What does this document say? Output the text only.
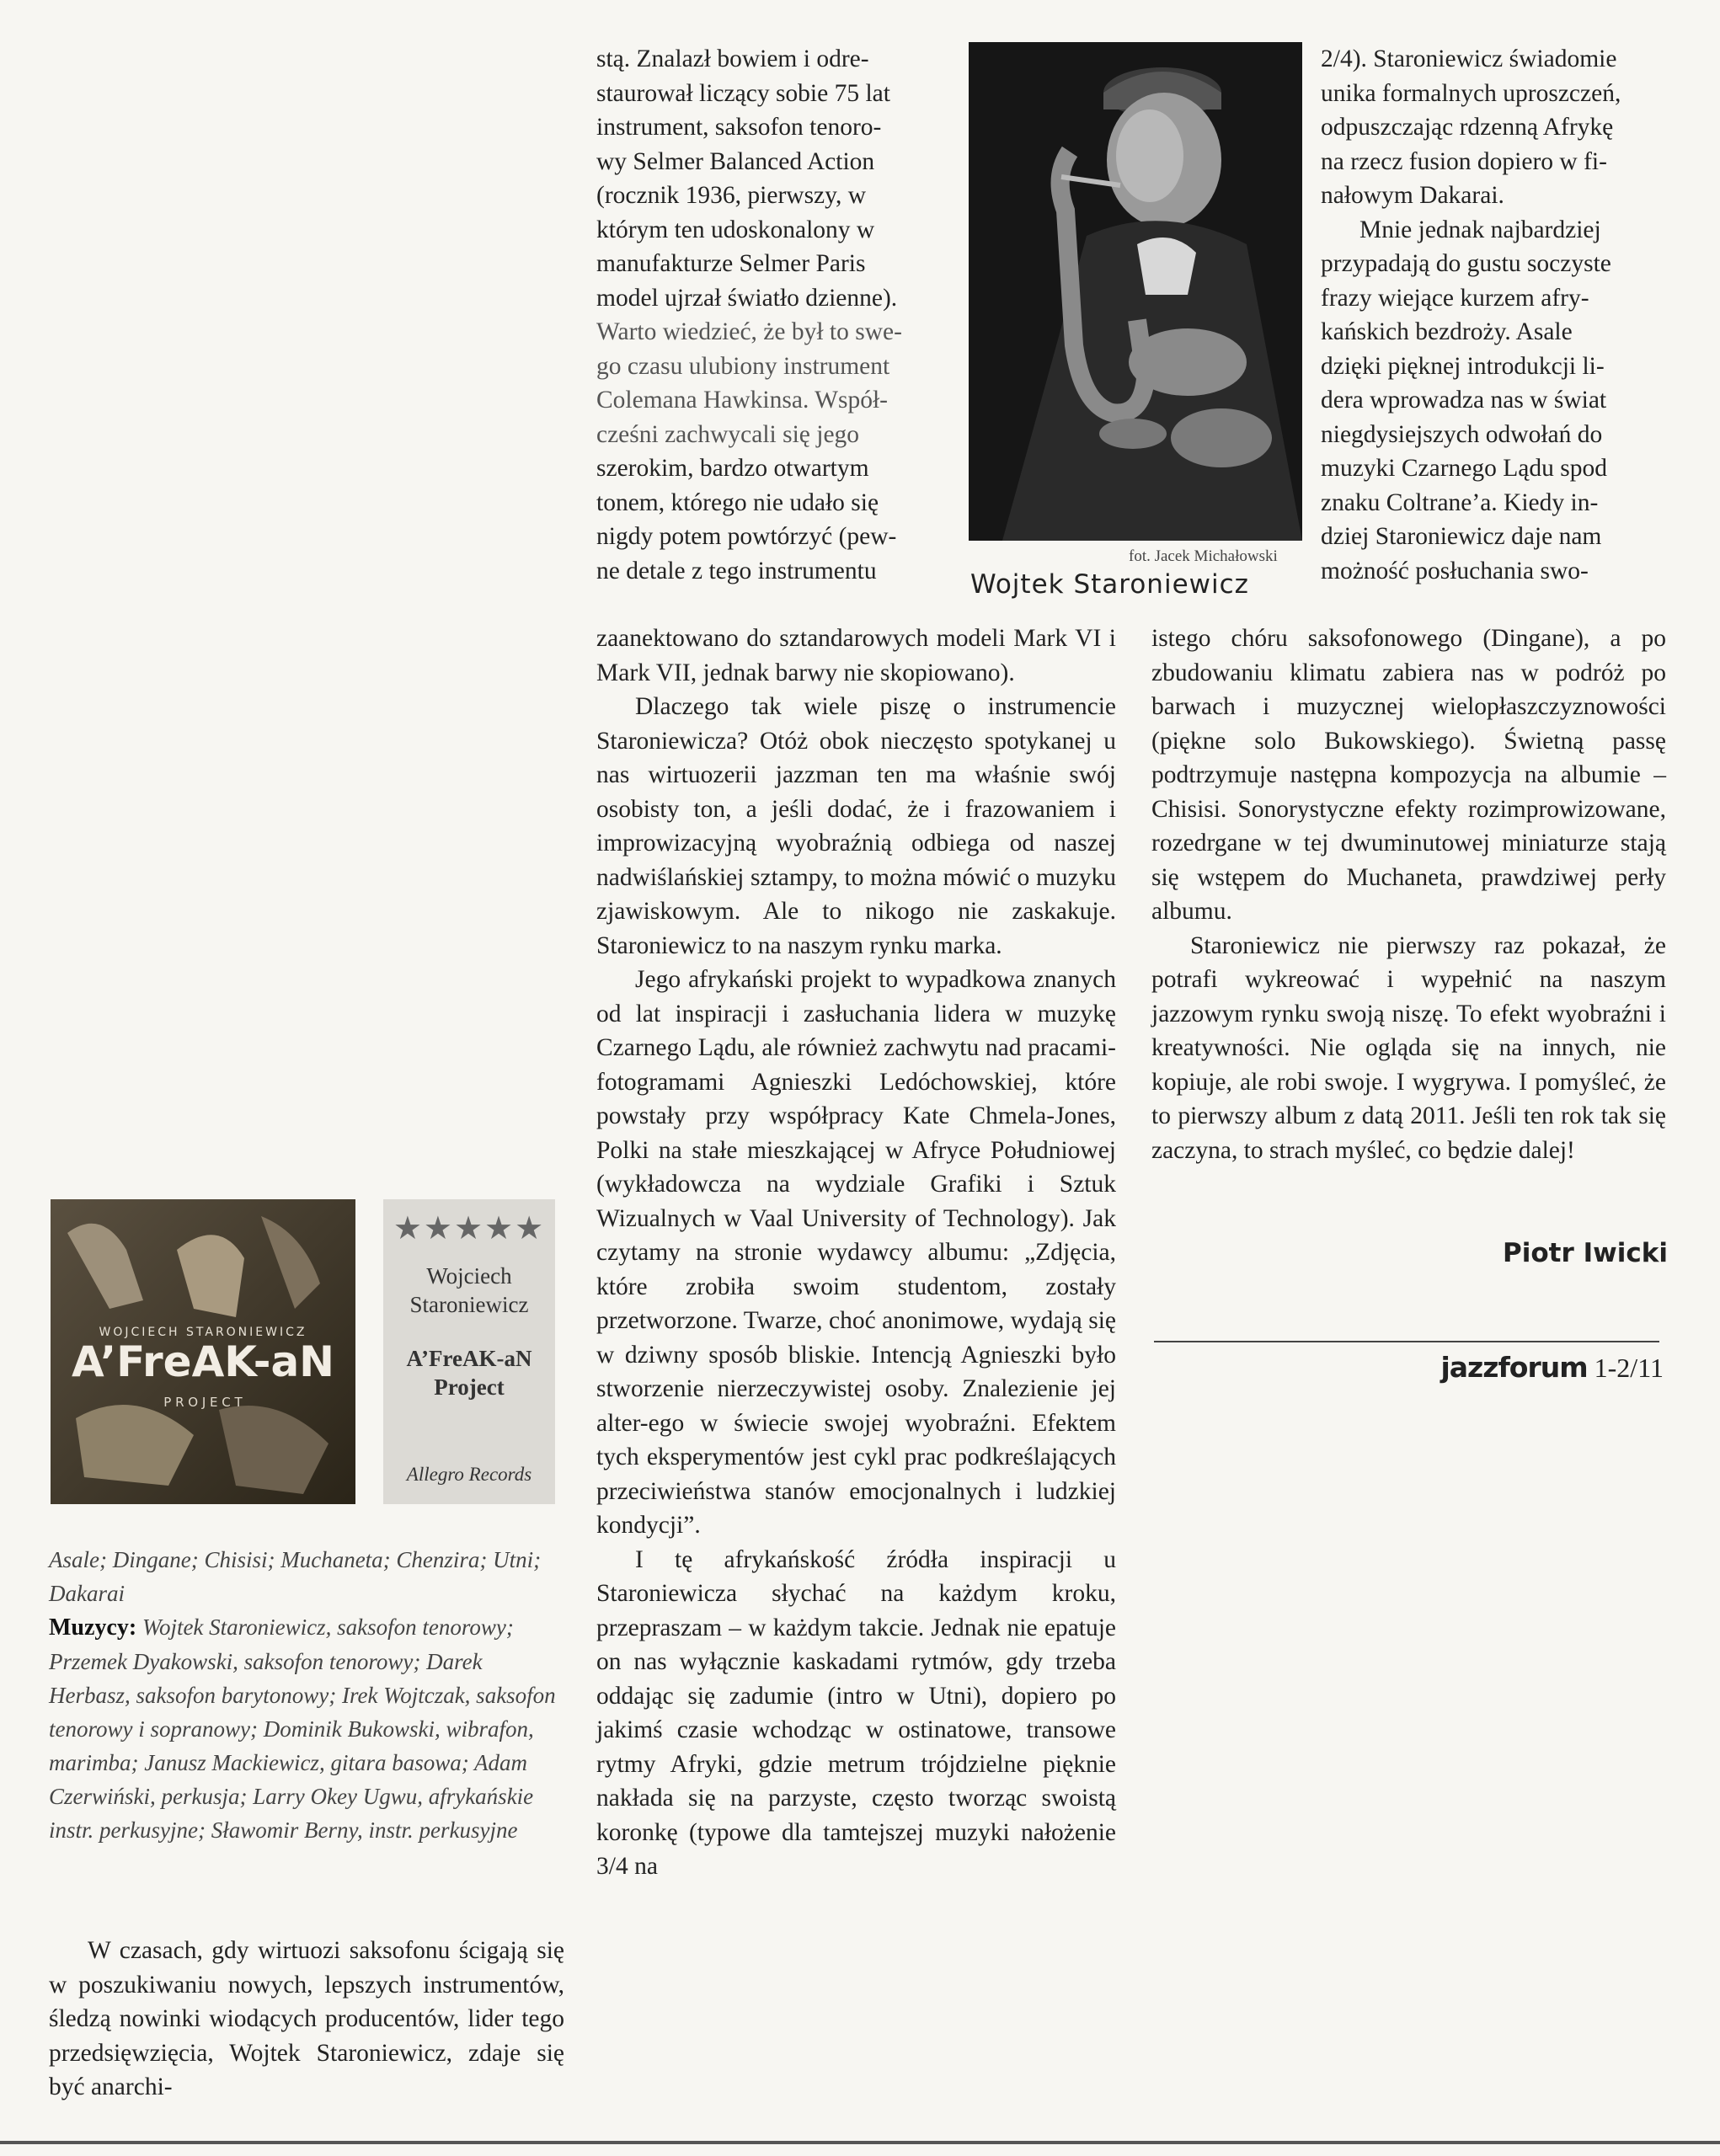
stą. Znalazł bowiem i odre-

staurował liczący sobie 75 lat

instrument, saksofon tenoro-

wy Selmer Balanced Action

(rocznik 1936, pierwszy, w

którym ten udoskonalony w

manufakturze Selmer Paris

model ujrzał światło dzienne).

Warto wiedzieć, że był to swe-

go czasu ulubiony instrument

Colemana Hawkinsa. Współ-

cześni zachwycali się jego

szerokim, bardzo otwartym

tonem, którego nie udało się

nigdy potem powtórzyć (pew-

ne detale z tego instrumentu

fot. Jacek Michałowski
Wojtek Staroniewicz

zaanektowano do sztandarowych modeli Mark VI i Mark VII, jednak barwy nie skopiowano).

Dlaczego tak wiele piszę o instrumencie Staroniewicza? Otóż obok nieczęsto spotykanej u nas wirtuozerii jazzman ten ma właśnie swój osobisty ton, a jeśli dodać, że i frazowaniem i improwizacyjną wyobraźnią odbiega od naszej nadwiślańskiej sztampy, to można mówić o muzyku zjawiskowym. Ale to nikogo nie zaskakuje. Staroniewicz to na naszym rynku marka.

Jego afrykański projekt to wypadkowa znanych od lat inspiracji i zasłuchania lidera w muzykę Czarnego Lądu, ale również zachwytu nad pracami-fotogramami Agnieszki Ledóchowskiej, które powstały przy współpracy Kate Chmela-Jones, Polki na stałe mieszkającej w Afryce Południowej (wykładowcza na wydziale Grafiki i Sztuk Wizualnych w Vaal University of Technology). Jak czytamy na stronie wydawcy albumu: „Zdjęcia, które zrobiła swoim studentom, zostały przetworzone. Twarze, choć anonimowe, wydają się w dziwny sposób bliskie. Intencją Agnieszki było stworzenie nierzeczywistej osoby. Znalezienie jej alter-ego w świecie swojej wyobraźni. Efektem tych eksperymentów jest cykl prac podkreślających przeciwieństwa stanów emocjonalnych i ludzkiej kondycji”.

I tę afrykańskość źródła inspiracji u Staroniewicza słychać na każdym kroku, przepraszam – w każdym takcie. Jednak nie epatuje on nas wyłącznie kaskadami rytmów, gdy trzeba oddając się zadumie (intro w Utni), dopiero po jakimś czasie wchodząc w ostinatowe, transowe rytmy Afryki, gdzie metrum trójdzielne pięknie nakłada się na parzyste, często tworząc swoistą koronkę (typowe dla tamtejszej muzyki nałożenie 3/4 na

2/4). Staroniewicz świadomie

unika formalnych uproszczeń,

odpuszczając rdzenną Afrykę

na rzecz fusion dopiero w fi-

nałowym Dakarai.

Mnie jednak najbardziej

przypadają do gustu soczyste

frazy wiejące kurzem afry-

kańskich bezdroży. Asale

dzięki pięknej introdukcji li-

dera wprowadza nas w świat

niegdysiejszych odwołań do

muzyki Czarnego Lądu spod

znaku Coltrane’a. Kiedy in-

dziej Staroniewicz daje nam

możność posłuchania swo-

istego chóru saksofonowego (Dingane), a po zbudowaniu klimatu zabiera nas w podróż po barwach i muzycznej wielopłaszczyznowości (piękne solo Bukowskiego). Świetną passę podtrzymuje następna kompozycja na albumie – Chisisi. Sonorystyczne efekty rozimprowizowane, rozedrgane w tej dwuminutowej miniaturze stają się wstępem do Muchaneta, prawdziwej perły albumu.

Staroniewicz nie pierwszy raz pokazał, że potrafi wykreować i wypełnić na naszym jazzowym rynku swoją niszę. To efekt wyobraźni i kreatywności. Nie ogląda się na innych, nie kopiuje, ale robi swoje. I wygrywa. I pomyśleć, że to pierwszy album z datą 2011. Jeśli ten rok tak się zaczyna, to strach myśleć, co będzie dalej!

Piotr Iwicki
jazzforum 1-2/11
WOJCIECH STARONIEWICZ
A’FreAK-aN
P R O J E C T
★★★★★
Wojciech Staroniewicz
A’FreAK-aN Project
Allegro Records
Asale; Dingane; Chisisi; Muchaneta; Chenzira; Utni; Dakarai
Muzycy: Wojtek Staroniewicz, saksofon tenorowy; Przemek Dyakowski, saksofon tenorowy; Darek Herbasz, saksofon barytonowy; Irek Wojtczak, saksofon tenorowy i sopranowy; Dominik Bukowski, wibrafon, marimba; Janusz Mackiewicz, gitara basowa; Adam Czerwiński, perkusja; Larry Okey Ugwu, afrykańskie instr. perkusyjne; Sławomir Berny, instr. perkusyjne

W czasach, gdy wirtuozi saksofonu ścigają się w poszukiwaniu nowych, lepszych instrumentów, śledzą nowinki wiodących producentów, lider tego przedsięwzięcia, Wojtek Staroniewicz, zdaje się być anarchi-
